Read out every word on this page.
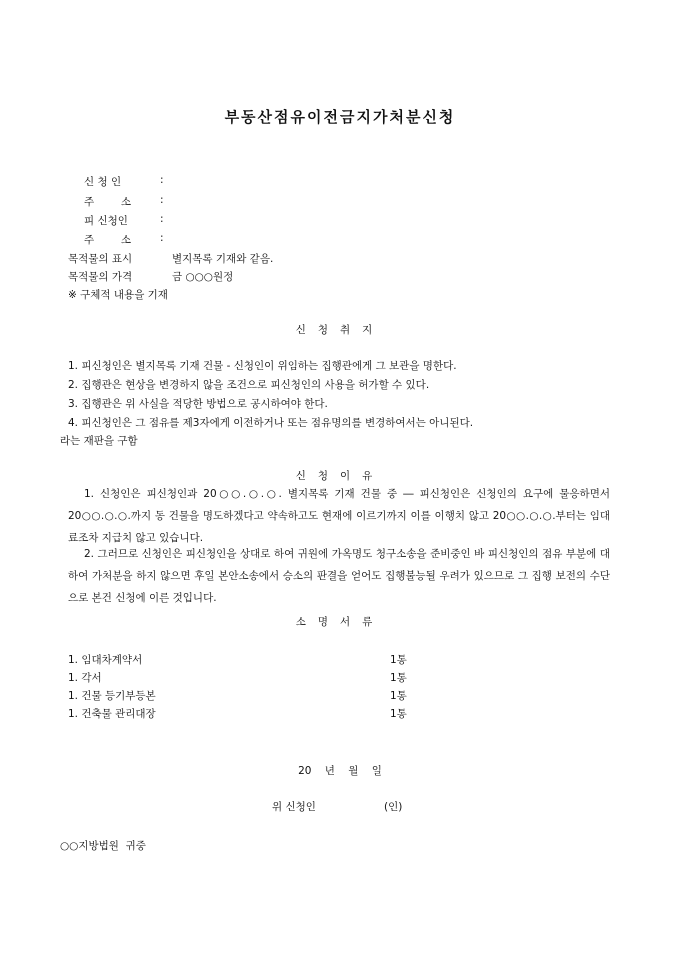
부동산점유이전금지가처분신청
신 청 인	:
주        소	:
피 신청인	:
주        소	:
목적물의 표시	별지목록 기재와 같음.
목적물의 가격	금 ○○○원정
※ 구체적 내용을 기재
신청취지
1. 피신청인은 별지목록 기재 건물 - 신청인이 위임하는 집행관에게 그 보관을 명한다.
2. 집행관은 현상을 변경하지 않을 조건으로 피신청인의 사용을 허가할 수 있다.
3. 집행관은 위 사실을 적당한 방법으로 공시하여야 한다.
4. 피신청인은 그 점유를 제3자에게 이전하거나 또는 점유명의를 변경하여서는 아니된다.
라는 재판을 구함
신청이유
1. 신청인은 피신청인과 20○○.○.○. 별지목록 기재 건물 중 ― 피신청인은 신청인의 요구에 물응하면서 20○○.○.○.까지 동 건물을 명도하겠다고 약속하고도 현재에 이르기까지 이를 이행치 않고 20○○.○.○.부터는 임대료조차 지급치 않고 있습니다.
2. 그러므로 신청인은 피신청인을 상대로 하여 귀원에 가옥명도 청구소송을 준비중인 바 피신청인의 점유 부분에 대하여 가처분을 하지 않으면 후일 본안소송에서 승소의 판결을 얻어도 집행불능될 우려가 있으므로 그 집행 보전의 수단으로 본건 신청에 이른 것입니다.
소명서류
1. 임대차계약서	1통
1. 각서	1통
1. 건물 등기부등본	1통
1. 건축물 관리대장	1통
20    년    월    일
위 신청인	(인)
○○지방법원  귀중
